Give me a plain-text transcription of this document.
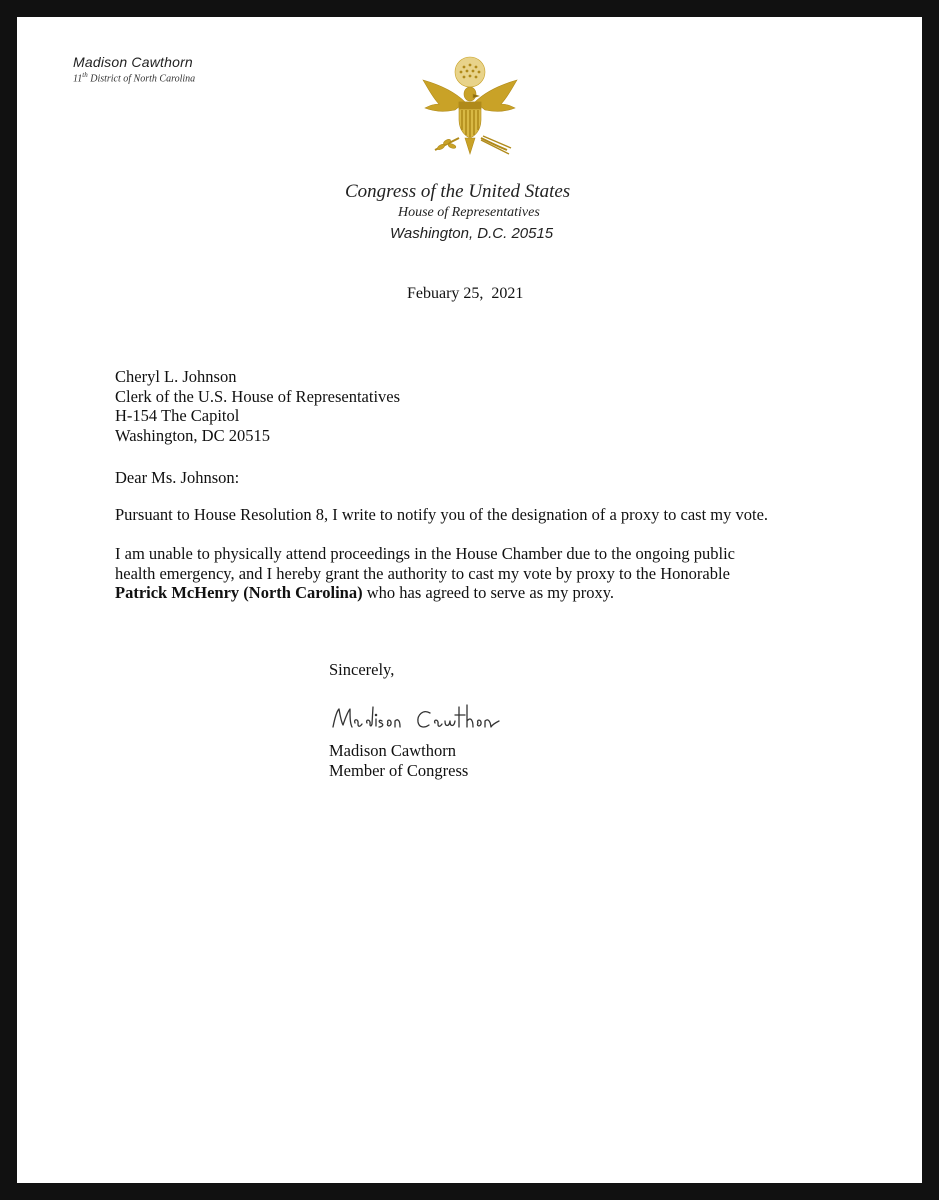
Madison Cawthorn
11th District of North Carolina
Congress of the United States
House of Representatives
Washington, D.C. 20515
Febuary 25,  2021
Cheryl L. Johnson
Clerk of the U.S. House of Representatives
H-154 The Capitol
Washington, DC 20515
Dear Ms. Johnson:
Pursuant to House Resolution 8, I write to notify you of the designation of a proxy to cast my vote.
I am unable to physically attend proceedings in the House Chamber due to the ongoing public
health emergency, and I hereby grant the authority to cast my vote by proxy to the Honorable
Patrick McHenry (North Carolina) who has agreed to serve as my proxy.
Sincerely,
Madison Cawthorn
Member of Congress
